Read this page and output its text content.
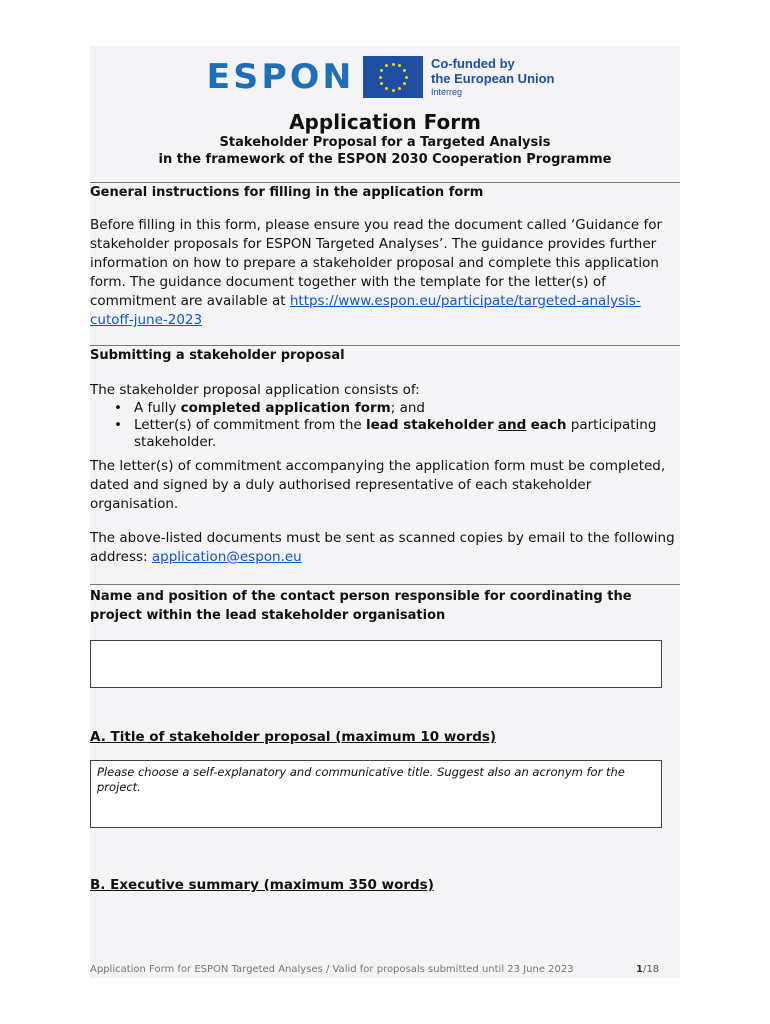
ESPON	Co-funded by
the European Union
Interreg
Application Form
Stakeholder Proposal for a Targeted Analysis
in the framework of the ESPON 2030 Cooperation Programme
General instructions for filling in the application form
Before filling in this form, please ensure you read the document called ‘Guidance for stakeholder proposals for ESPON Targeted Analyses’. The guidance provides further information on how to prepare a stakeholder proposal and complete this application form. The guidance document together with the template for the letter(s) of commitment are available at https://www.espon.eu/participate/targeted-analysis-cutoff-june-2023
Submitting a stakeholder proposal
The stakeholder proposal application consists of:
• A fully completed application form; and
• Letter(s) of commitment from the lead stakeholder and each participating stakeholder.
The letter(s) of commitment accompanying the application form must be completed, dated and signed by a duly authorised representative of each stakeholder organisation.
The above-listed documents must be sent as scanned copies by email to the following address: application@espon.eu
Name and position of the contact person responsible for coordinating the project within the lead stakeholder organisation
A. Title of stakeholder proposal (maximum 10 words)
Please choose a self-explanatory and communicative title. Suggest also an acronym for the project.
B. Executive summary (maximum 350 words)
Application Form for ESPON Targeted Analyses / Valid for proposals submitted until 23 June 2023	1/18
